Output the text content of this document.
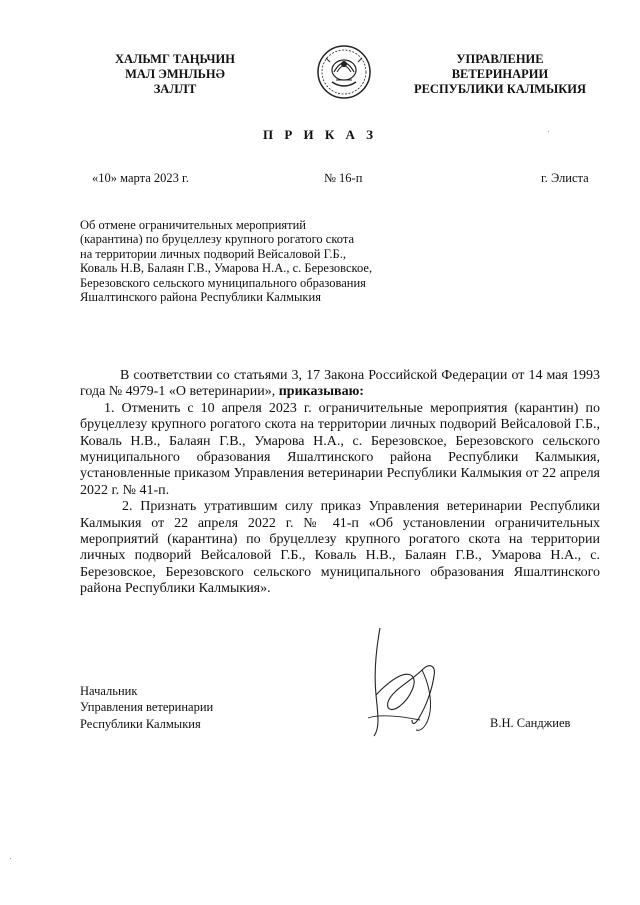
ХАЛЬМГ ТАҢЬЧИН
МАЛ ЭМНЛЬНӘ
ЗАЛЛТ
УПРАВЛЕНИЕ
ВЕТЕРИНАРИИ
РЕСПУБЛИКИ КАЛМЫКИЯ
П Р И К А З
«10» марта 2023 г.	№ 16-п	г. Элиста
Об отмене ограничительных мероприятий
(карантина) по бруцеллезу крупного рогатого скота
на территории личных подворий Вейсаловой Г.Б.,
Коваль Н.В, Балаян Г.В., Умарова Н.А., с. Березовское,
Березовского сельского муниципального образования
Яшалтинского района Республики Калмыкия

В соответствии со статьями 3, 17 Закона Российской Федерации от 14 мая 1993 года № 4979-1 «О ветеринарии», приказываю:

1. Отменить с 10 апреля 2023 г. ограничительные мероприятия (карантин) по бруцеллезу крупного рогатого скота на территории личных подворий Вейсаловой Г.Б., Коваль Н.В., Балаян Г.В., Умарова Н.А., с. Березовское, Березовского сельского муниципального образования Яшалтинского района Республики Калмыкия, установленные приказом Управления ветеринарии Республики Калмыкия от 22 апреля 2022 г. № 41-п.

2. Признать утратившим силу приказ Управления ветеринарии Республики Калмыкия от 22 апреля 2022 г. № 41-п «Об установлении ограничительных мероприятий (карантина) по бруцеллезу крупного рогатого скота на территории личных подворий Вейсаловой Г.Б., Коваль Н.В., Балаян Г.В., Умарова Н.А., с. Березовское, Березовского сельского муниципального образования Яшалтинского района Республики Калмыкия».

Начальник
Управления ветеринарии
Республики Калмыкия	В.Н. Санджиев
